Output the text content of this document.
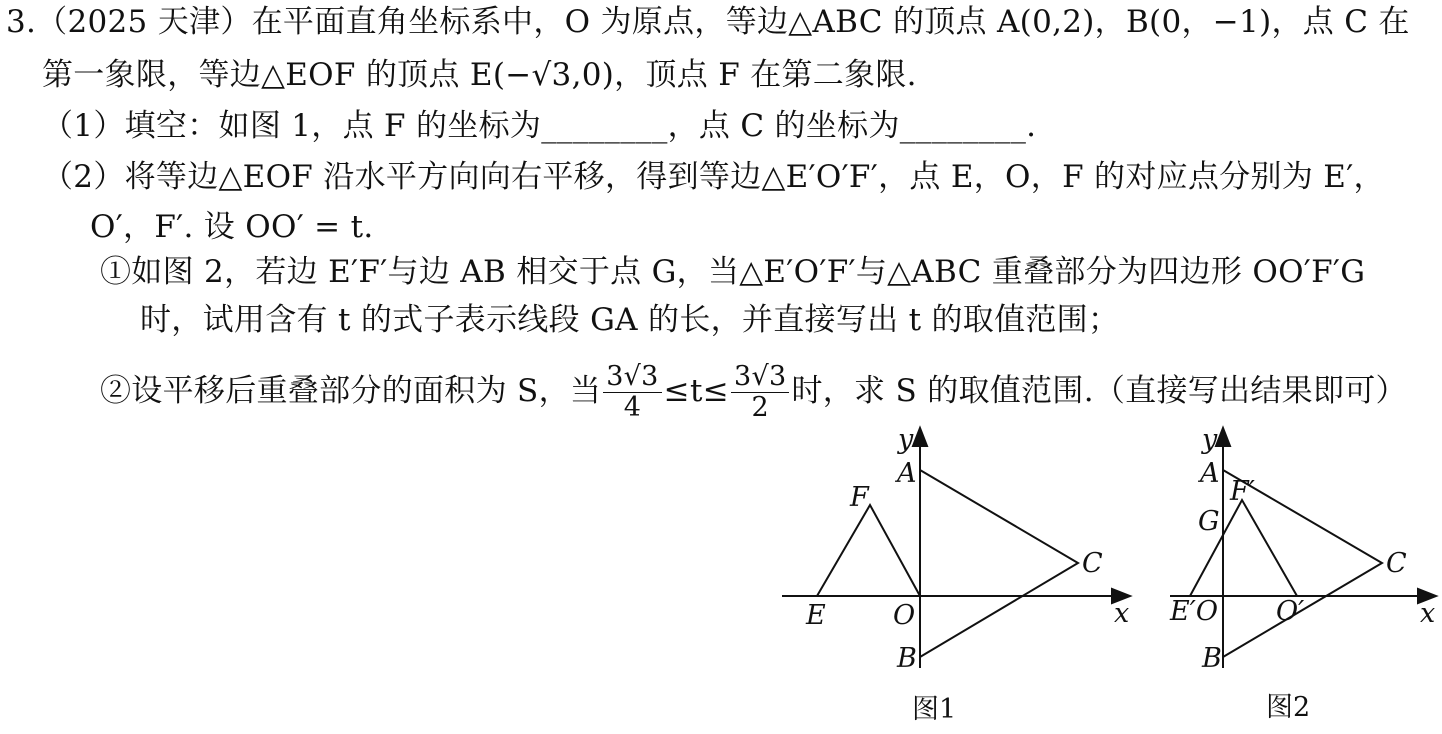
3.（2025 天津）在平面直角坐标系中，O 为原点，等边△ABC 的顶点 A(0,2)，B(0，−1)，点 C 在
第一象限，等边△EOF 的顶点 E(−√3,0)，顶点 F 在第二象限.
（1）填空：如图 1，点 F 的坐标为________，点 C 的坐标为________.
（2）将等边△EOF 沿水平方向向右平移，得到等边△E′O′F′，点 E，O，F 的对应点分别为 E′，
O′，F′. 设 OO′ = t.
①如图 2，若边 E′F′与边 AB 相交于点 G，当△E′O′F′与△ABC 重叠部分为四边形 OO′F′G
时，试用含有 t 的式子表示线段 GA 的长，并直接写出 t 的取值范围；
②设平移后重叠部分的面积为 S，当 $\frac{3√3}{4} \le t\le \frac{3√3}{2}$ 时，求 S 的取值范围.（直接写出结果即可）
y
A
F
C
E O	x
B
图1
y
A
F′
G
C
E′O O′	x
B
图2
